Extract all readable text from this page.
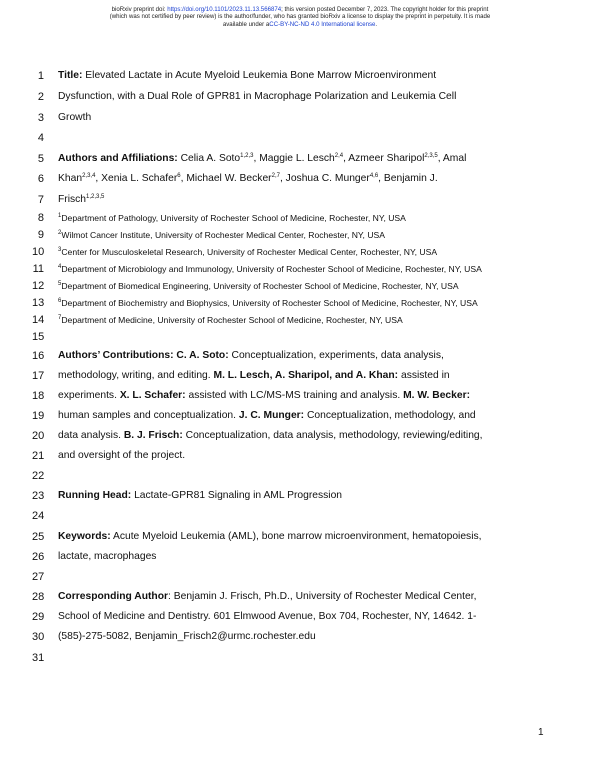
bioRxiv preprint doi: https://doi.org/10.1101/2023.11.13.566874; this version posted December 7, 2023. The copyright holder for this preprint
(which was not certified by peer review) is the author/funder, who has granted bioRxiv a license to display the preprint in perpetuity. It is made
available under aCC-BY-NC-ND 4.0 International license.
1 Title: Elevated Lactate in Acute Myeloid Leukemia Bone Marrow Microenvironment
2 Dysfunction, with a Dual Role of GPR81 in Macrophage Polarization and Leukemia Cell
3 Growth
4
5 Authors and Affiliations: Celia A. Soto$^{1,2,3}$, Maggie L. Lesch$^{2,4}$, Azmeer Sharipol$^{2,3,5}$, Amal
6 Khan$^{2,3,4}$, Xenia L. Schafer$^6$, Michael W. Becker$^{2,7}$, Joshua C. Munger$^{4,6}$, Benjamin J.
7 Frisch$^{1,2,3,5}$
8 $^1$Department of Pathology, University of Rochester School of Medicine, Rochester, NY, USA
9 $^2$Wilmot Cancer Institute, University of Rochester Medical Center, Rochester, NY, USA
10 $^3$Center for Musculoskeletal Research, University of Rochester Medical Center, Rochester, NY, USA
11 $^4$Department of Microbiology and Immunology, University of Rochester School of Medicine, Rochester, NY, USA
12 $^5$Department of Biomedical Engineering, University of Rochester School of Medicine, Rochester, NY, USA
13 $^6$Department of Biochemistry and Biophysics, University of Rochester School of Medicine, Rochester, NY, USA
14 $^7$Department of Medicine, University of Rochester School of Medicine, Rochester, NY, USA
15
16 Authors’ Contributions: C. A. Soto: Conceptualization, experiments, data analysis,
17 methodology, writing, and editing. M. L. Lesch, A. Sharipol, and A. Khan: assisted in
18 experiments. X. L. Schafer: assisted with LC/MS-MS training and analysis. M. W. Becker:
19 human samples and conceptualization. J. C. Munger: Conceptualization, methodology, and
20 data analysis. B. J. Frisch: Conceptualization, data analysis, methodology, reviewing/editing,
21 and oversight of the project.
22
23 Running Head: Lactate-GPR81 Signaling in AML Progression
24
25 Keywords: Acute Myeloid Leukemia (AML), bone marrow microenvironment, hematopoiesis,
26 lactate, macrophages
27
28 Corresponding Author: Benjamin J. Frisch, Ph.D., University of Rochester Medical Center,
29 School of Medicine and Dentistry. 601 Elmwood Avenue, Box 704, Rochester, NY, 14642. 1-
30 (585)-275-5082, Benjamin_Frisch2@urmc.rochester.edu
31
1
